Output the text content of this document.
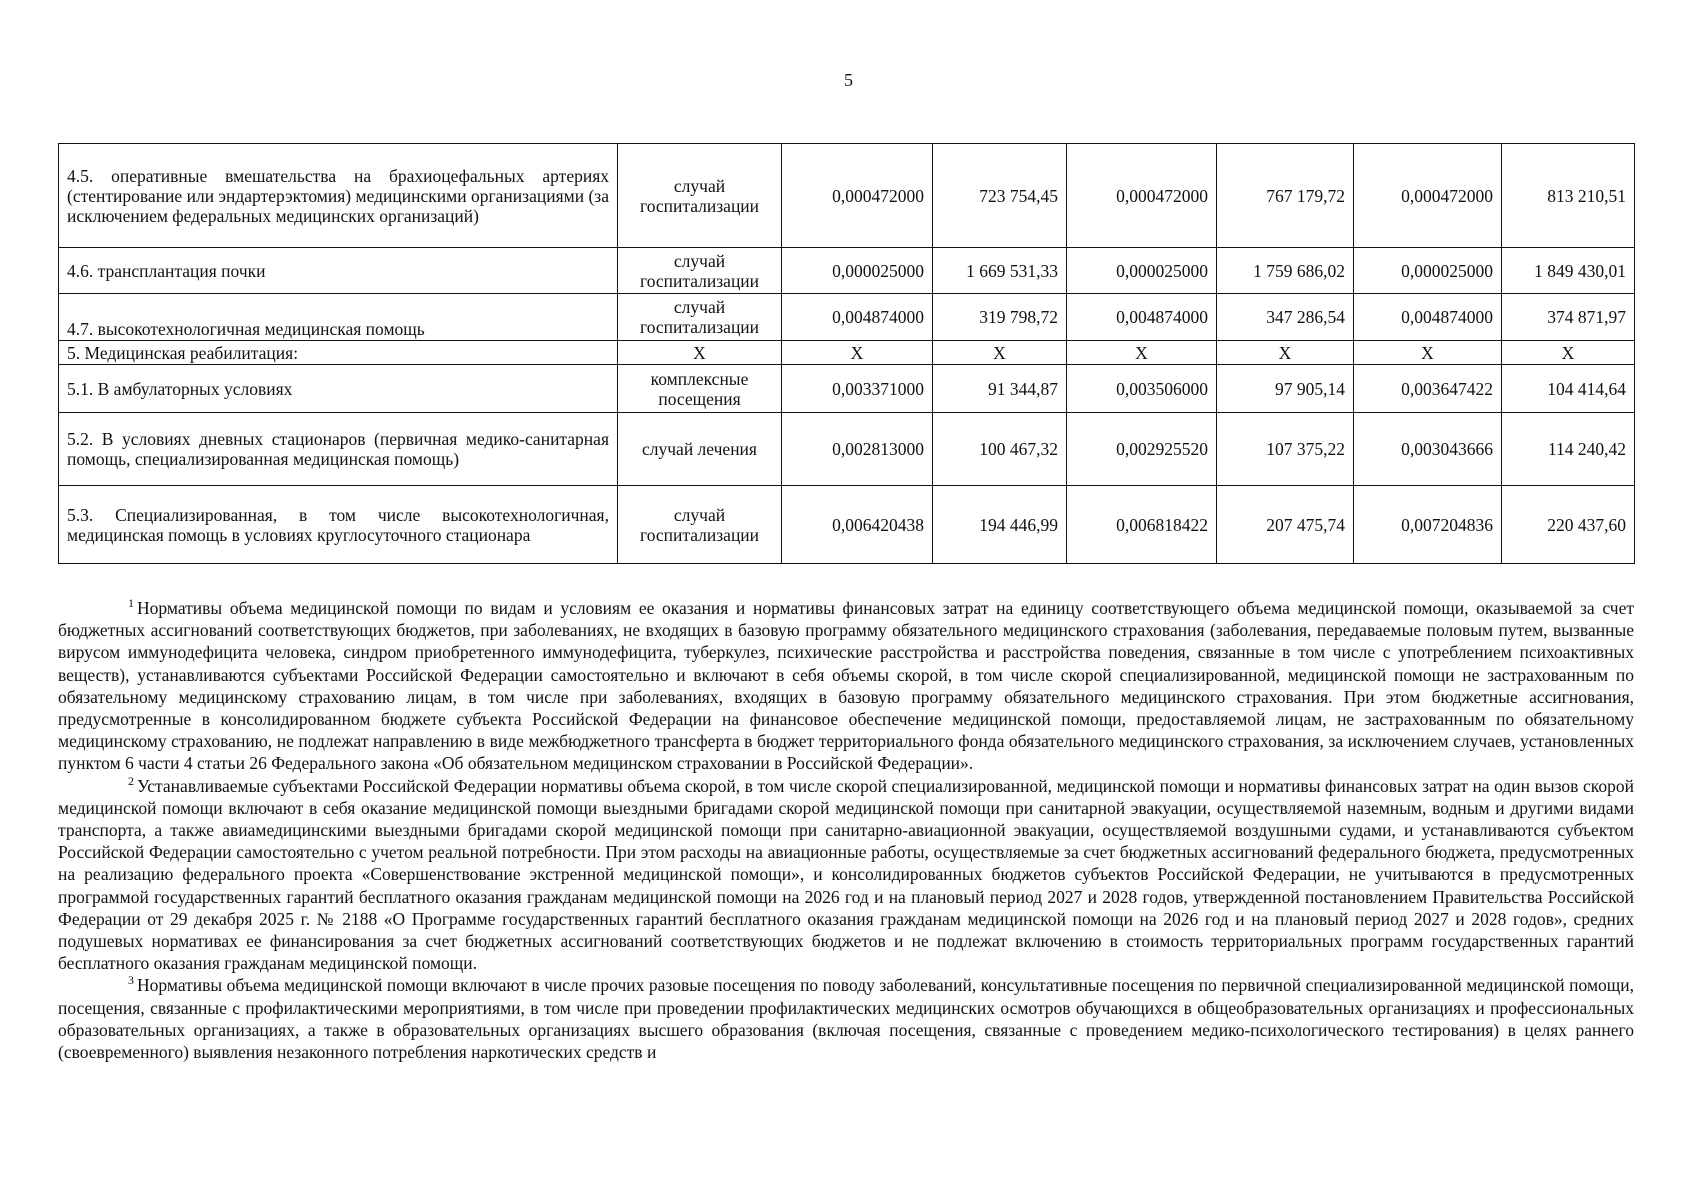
5
4.5. оперативные вмешательства на брахиоцефальных артериях (стентирование или эндартерэктомия) медицинскими организациями (за исключением федеральных медицинских организаций)	случай госпитализации	0,000472000	723 754,45	0,000472000	767 179,72	0,000472000	813 210,51
4.6. трансплантация почки	случай госпитализации	0,000025000	1 669 531,33	0,000025000	1 759 686,02	0,000025000	1 849 430,01
4.7. высокотехнологичная медицинская помощь	случай госпитализации	0,004874000	319 798,72	0,004874000	347 286,54	0,004874000	374 871,97
5. Медицинская реабилитация:	Х	Х	Х	Х	Х	Х	Х
5.1. В амбулаторных условиях	комплексные посещения	0,003371000	91 344,87	0,003506000	97 905,14	0,003647422	104 414,64
5.2. В условиях дневных стационаров (первичная медико-санитарная помощь, специализированная медицинская помощь)	случай лечения	0,002813000	100 467,32	0,002925520	107 375,22	0,003043666	114 240,42
5.3. Специализированная, в том числе высокотехнологичная, медицинская помощь в условиях круглосуточного стационара	случай госпитализации	0,006420438	194 446,99	0,006818422	207 475,74	0,007204836	220 437,60

$^1$ Нормативы объема медицинской помощи по видам и условиям ее оказания и нормативы финансовых затрат на единицу соответствующего объема медицинской помощи, оказываемой за счет бюджетных ассигнований соответствующих бюджетов, при заболеваниях, не входящих в базовую программу обязательного медицинского страхования (заболевания, передаваемые половым путем, вызванные вирусом иммунодефицита человека, синдром приобретенного иммунодефицита, туберкулез, психические расстройства и расстройства поведения, связанные в том числе с употреблением психоактивных веществ), устанавливаются субъектами Российской Федерации самостоятельно и включают в себя объемы скорой, в том числе скорой специализированной, медицинской помощи не застрахованным по обязательному медицинскому страхованию лицам, в том числе при заболеваниях, входящих в базовую программу обязательного медицинского страхования. При этом бюджетные ассигнования, предусмотренные в консолидированном бюджете субъекта Российской Федерации на финансовое обеспечение медицинской помощи, предоставляемой лицам, не застрахованным по обязательному медицинскому страхованию, не подлежат направлению в виде межбюджетного трансферта в бюджет территориального фонда обязательного медицинского страхования, за исключением случаев, установленных пунктом 6 части 4 статьи 26 Федерального закона «Об обязательном медицинском страховании в Российской Федерации».

$^2$ Устанавливаемые субъектами Российской Федерации нормативы объема скорой, в том числе скорой специализированной, медицинской помощи и нормативы финансовых затрат на один вызов скорой медицинской помощи включают в себя оказание медицинской помощи выездными бригадами скорой медицинской помощи при санитарной эвакуации, осуществляемой наземным, водным и другими видами транспорта, а также авиамедицинскими выездными бригадами скорой медицинской помощи при санитарно-авиационной эвакуации, осуществляемой воздушными судами, и устанавливаются субъектом Российской Федерации самостоятельно с учетом реальной потребности. При этом расходы на авиационные работы, осуществляемые за счет бюджетных ассигнований федерального бюджета, предусмотренных на реализацию федерального проекта «Совершенствование экстренной медицинской помощи», и консолидированных бюджетов субъектов Российской Федерации, не учитываются в предусмотренных программой государственных гарантий бесплатного оказания гражданам медицинской помощи на 2026 год и на плановый период 2027 и 2028 годов, утвержденной постановлением Правительства Российской Федерации от 29 декабря 2025 г. № 2188 «О Программе государственных гарантий бесплатного оказания гражданам медицинской помощи на 2026 год и на плановый период 2027 и 2028 годов», средних подушевых нормативах ее финансирования за счет бюджетных ассигнований соответствующих бюджетов и не подлежат включению в стоимость территориальных программ государственных гарантий бесплатного оказания гражданам медицинской помощи.

$^3$ Нормативы объема медицинской помощи включают в числе прочих разовые посещения по поводу заболеваний, консультативные посещения по первичной специализированной медицинской помощи, посещения, связанные с профилактическими мероприятиями, в том числе при проведении профилактических медицинских осмотров обучающихся в общеобразовательных организациях и профессиональных образовательных организациях, а также в образовательных организациях высшего образования (включая посещения, связанные с проведением медико-психологического тестирования) в целях раннего (своевременного) выявления незаконного потребления наркотических средств и
